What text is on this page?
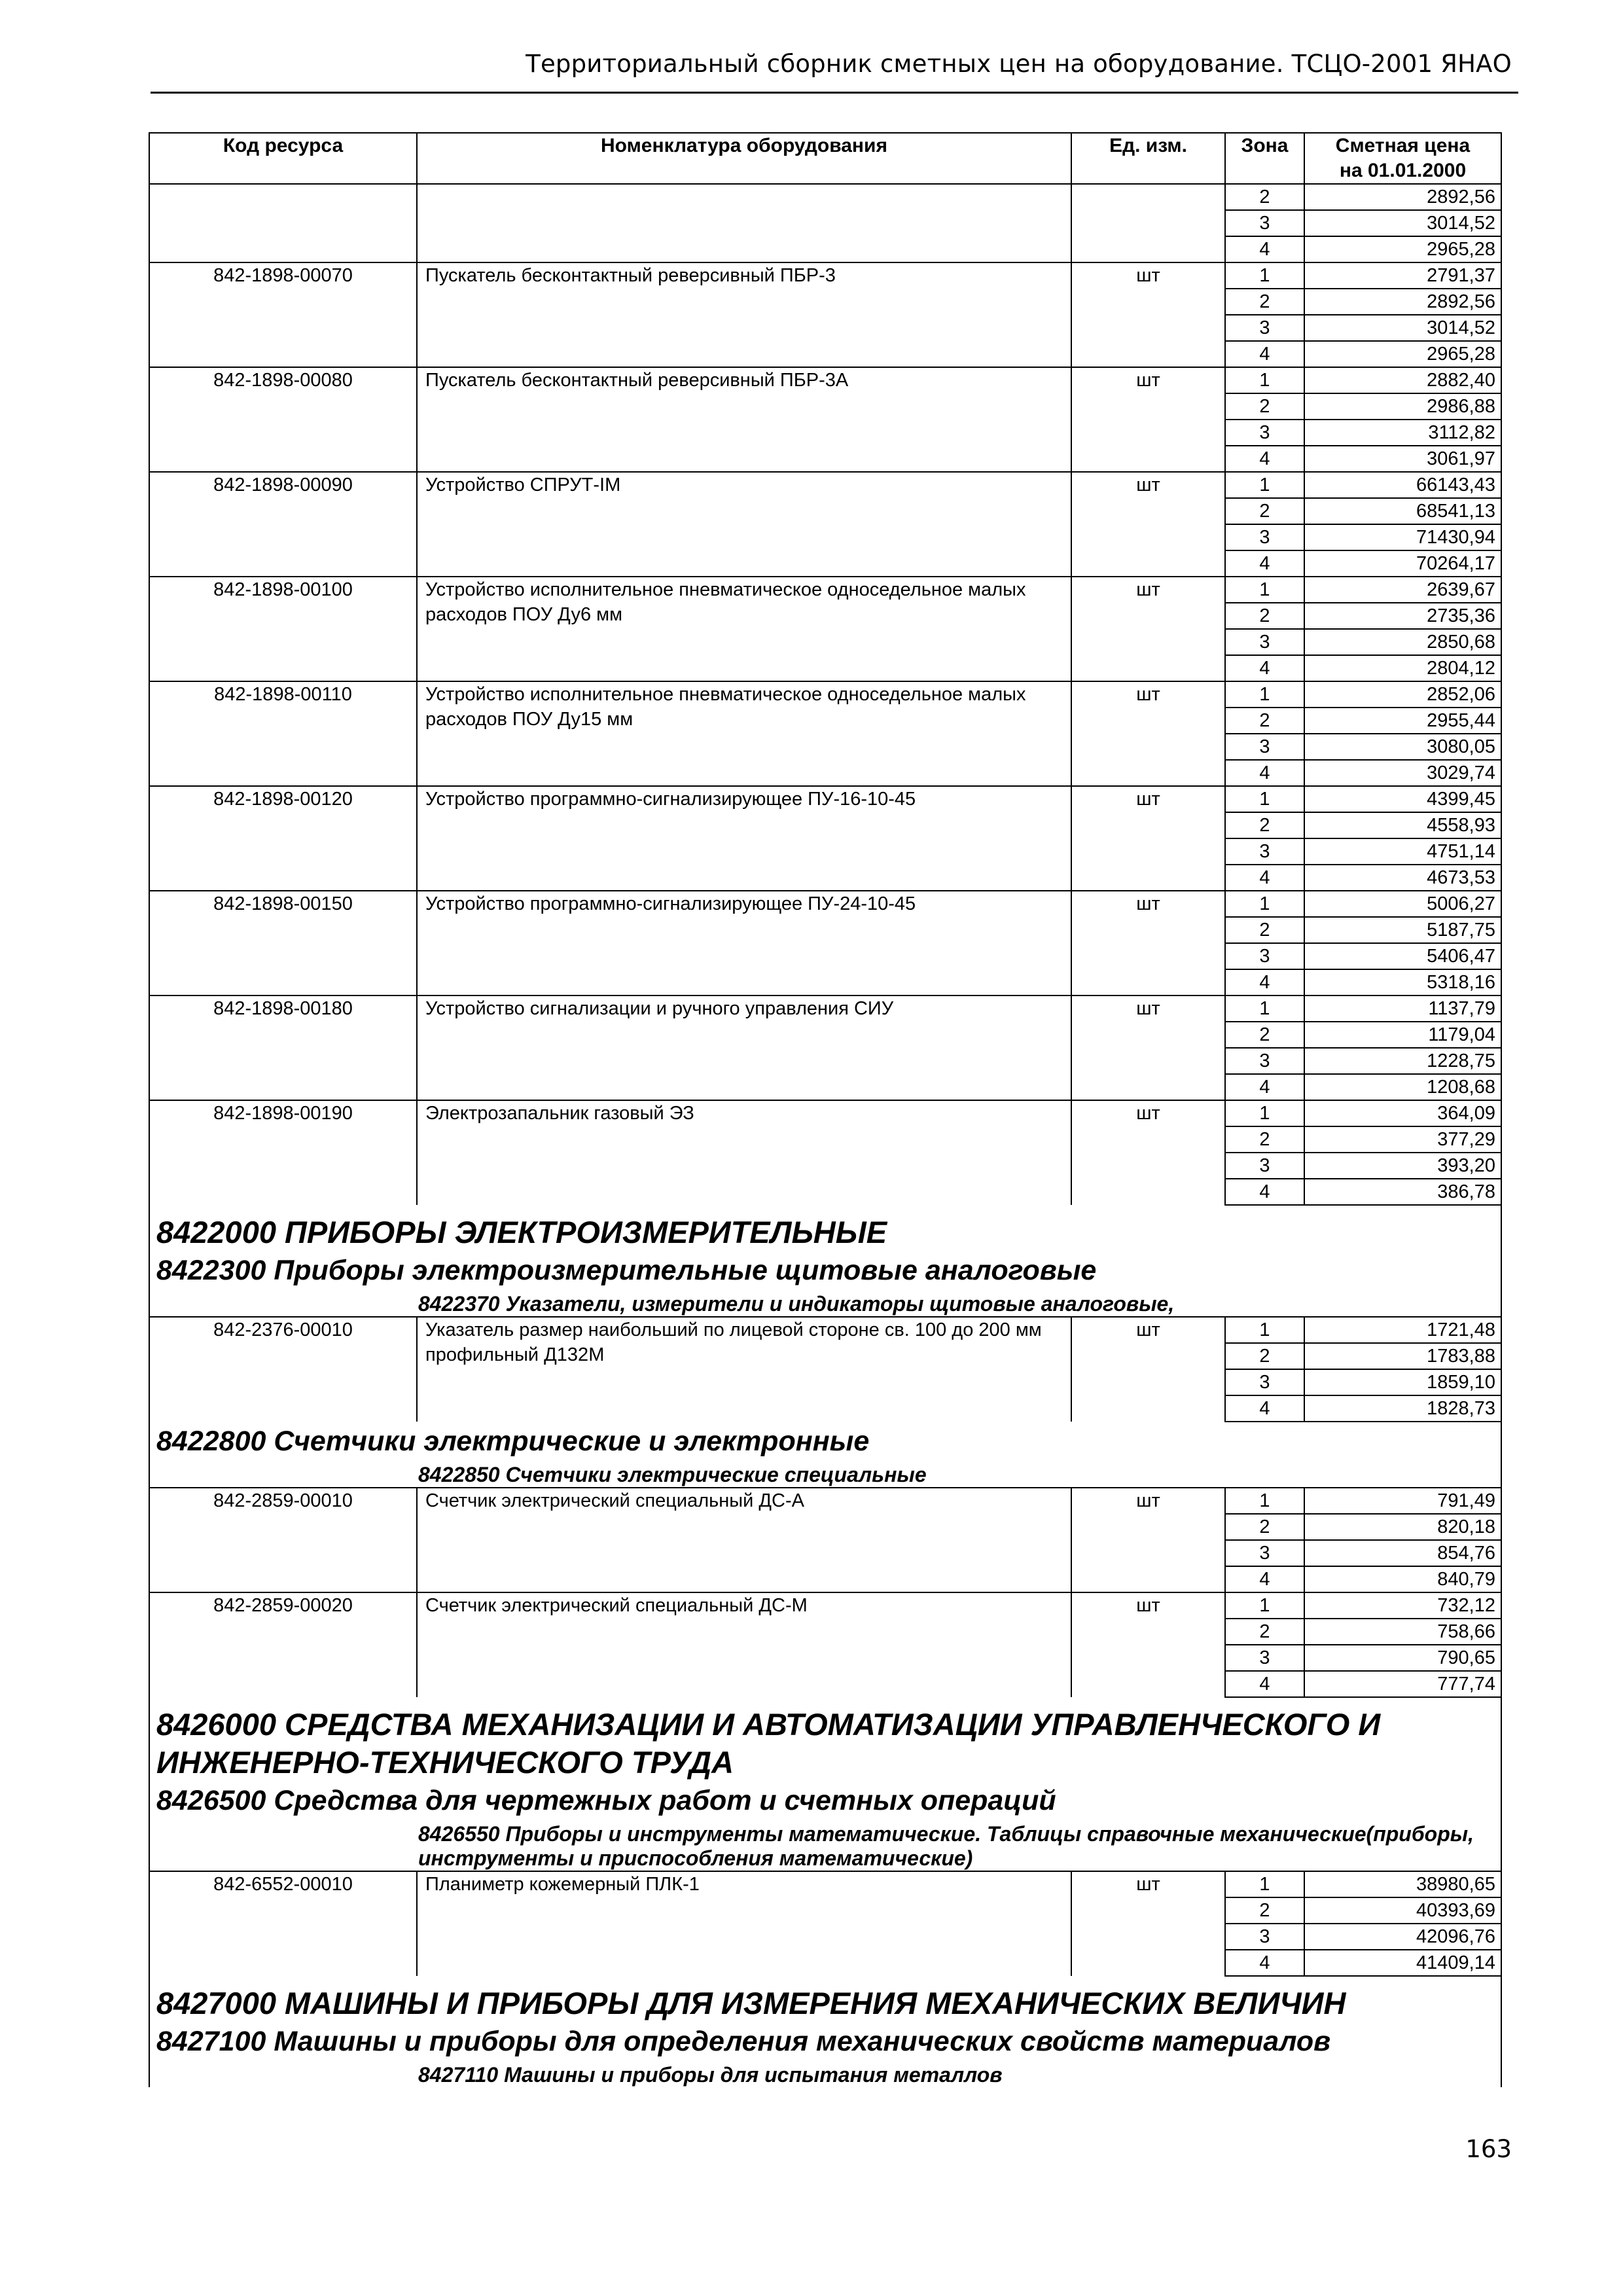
Территориальный сборник сметных цен на оборудование. ТСЦО-2001 ЯНАО
Код ресурса	Номенклатура оборудования	Ед. изм.	Зона	Сметная цена
на 01.01.2000

			2	2892,56
			3	3014,52
			4	2965,28
842-1898-00070	Пускатель бесконтактный реверсивный ПБР-3	шт	1	2791,37
			2	2892,56
			3	3014,52
			4	2965,28
842-1898-00080	Пускатель бесконтактный реверсивный ПБР-3А	шт	1	2882,40
			2	2986,88
			3	3112,82
			4	3061,97
842-1898-00090	Устройство СПРУТ-IM	шт	1	66143,43
			2	68541,13
			3	71430,94
			4	70264,17
842-1898-00100	Устройство исполнительное пневматическое односедельное малых расходов ПОУ Ду6 мм	шт	1	2639,67
			2	2735,36
			3	2850,68
			4	2804,12
842-1898-00110	Устройство исполнительное пневматическое односедельное малых расходов ПОУ Ду15 мм	шт	1	2852,06
			2	2955,44
			3	3080,05
			4	3029,74
842-1898-00120	Устройство программно-сигнализирующее ПУ-16-10-45	шт	1	4399,45
			2	4558,93
			3	4751,14
			4	4673,53
842-1898-00150	Устройство программно-сигнализирующее ПУ-24-10-45	шт	1	5006,27
			2	5187,75
			3	5406,47
			4	5318,16
842-1898-00180	Устройство сигнализации и ручного управления СИУ	шт	1	1137,79
			2	1179,04
			3	1228,75
			4	1208,68
842-1898-00190	Электрозапальник газовый ЭЗ	шт	1	364,09
			2	377,29
			3	393,20
			4	386,78
8422000 ПРИБОРЫ ЭЛЕКТРОИЗМЕРИТЕЛЬНЫЕ				
8422300 Приборы электроизмерительные щитовые аналоговые				

8422370 Указатели, измерители и индикаторы щитовые аналоговые,				

842-2376-00010	Указатель размер наибольший по лицевой стороне св. 100 до 200 мм профильный Д132М	шт	1	1721,48
			2	1783,88
			3	1859,10
			4	1828,73
8422800 Счетчики электрические и электронные				

8422850 Счетчики электрические специальные				

842-2859-00010	Счетчик электрический специальный ДС-А	шт	1	791,49
			2	820,18
			3	854,76
			4	840,79
842-2859-00020	Счетчик электрический специальный ДС-М	шт	1	732,12
			2	758,66
			3	790,65
			4	777,74
8426000 СРЕДСТВА МЕХАНИЗАЦИИ И АВТОМАТИЗАЦИИ УПРАВЛЕНЧЕСКОГО И ИНЖЕНЕРНО-ТЕХНИЧЕСКОГО ТРУДА				
8426500 Средства для чертежных работ и счетных операций				

8426550 Приборы и инструменты математические. Таблицы справочные механические(приборы, инструменты и приспособления математические)				

842-6552-00010	Планиметр кожемерный ПЛК-1	шт	1	38980,65
			2	40393,69
			3	42096,76
			4	41409,14
8427000 МАШИНЫ И ПРИБОРЫ ДЛЯ ИЗМЕРЕНИЯ МЕХАНИЧЕСКИХ ВЕЛИЧИН				
8427100 Машины и приборы для определения механических свойств материалов				

8427110 Машины и приборы для испытания металлов				
163
